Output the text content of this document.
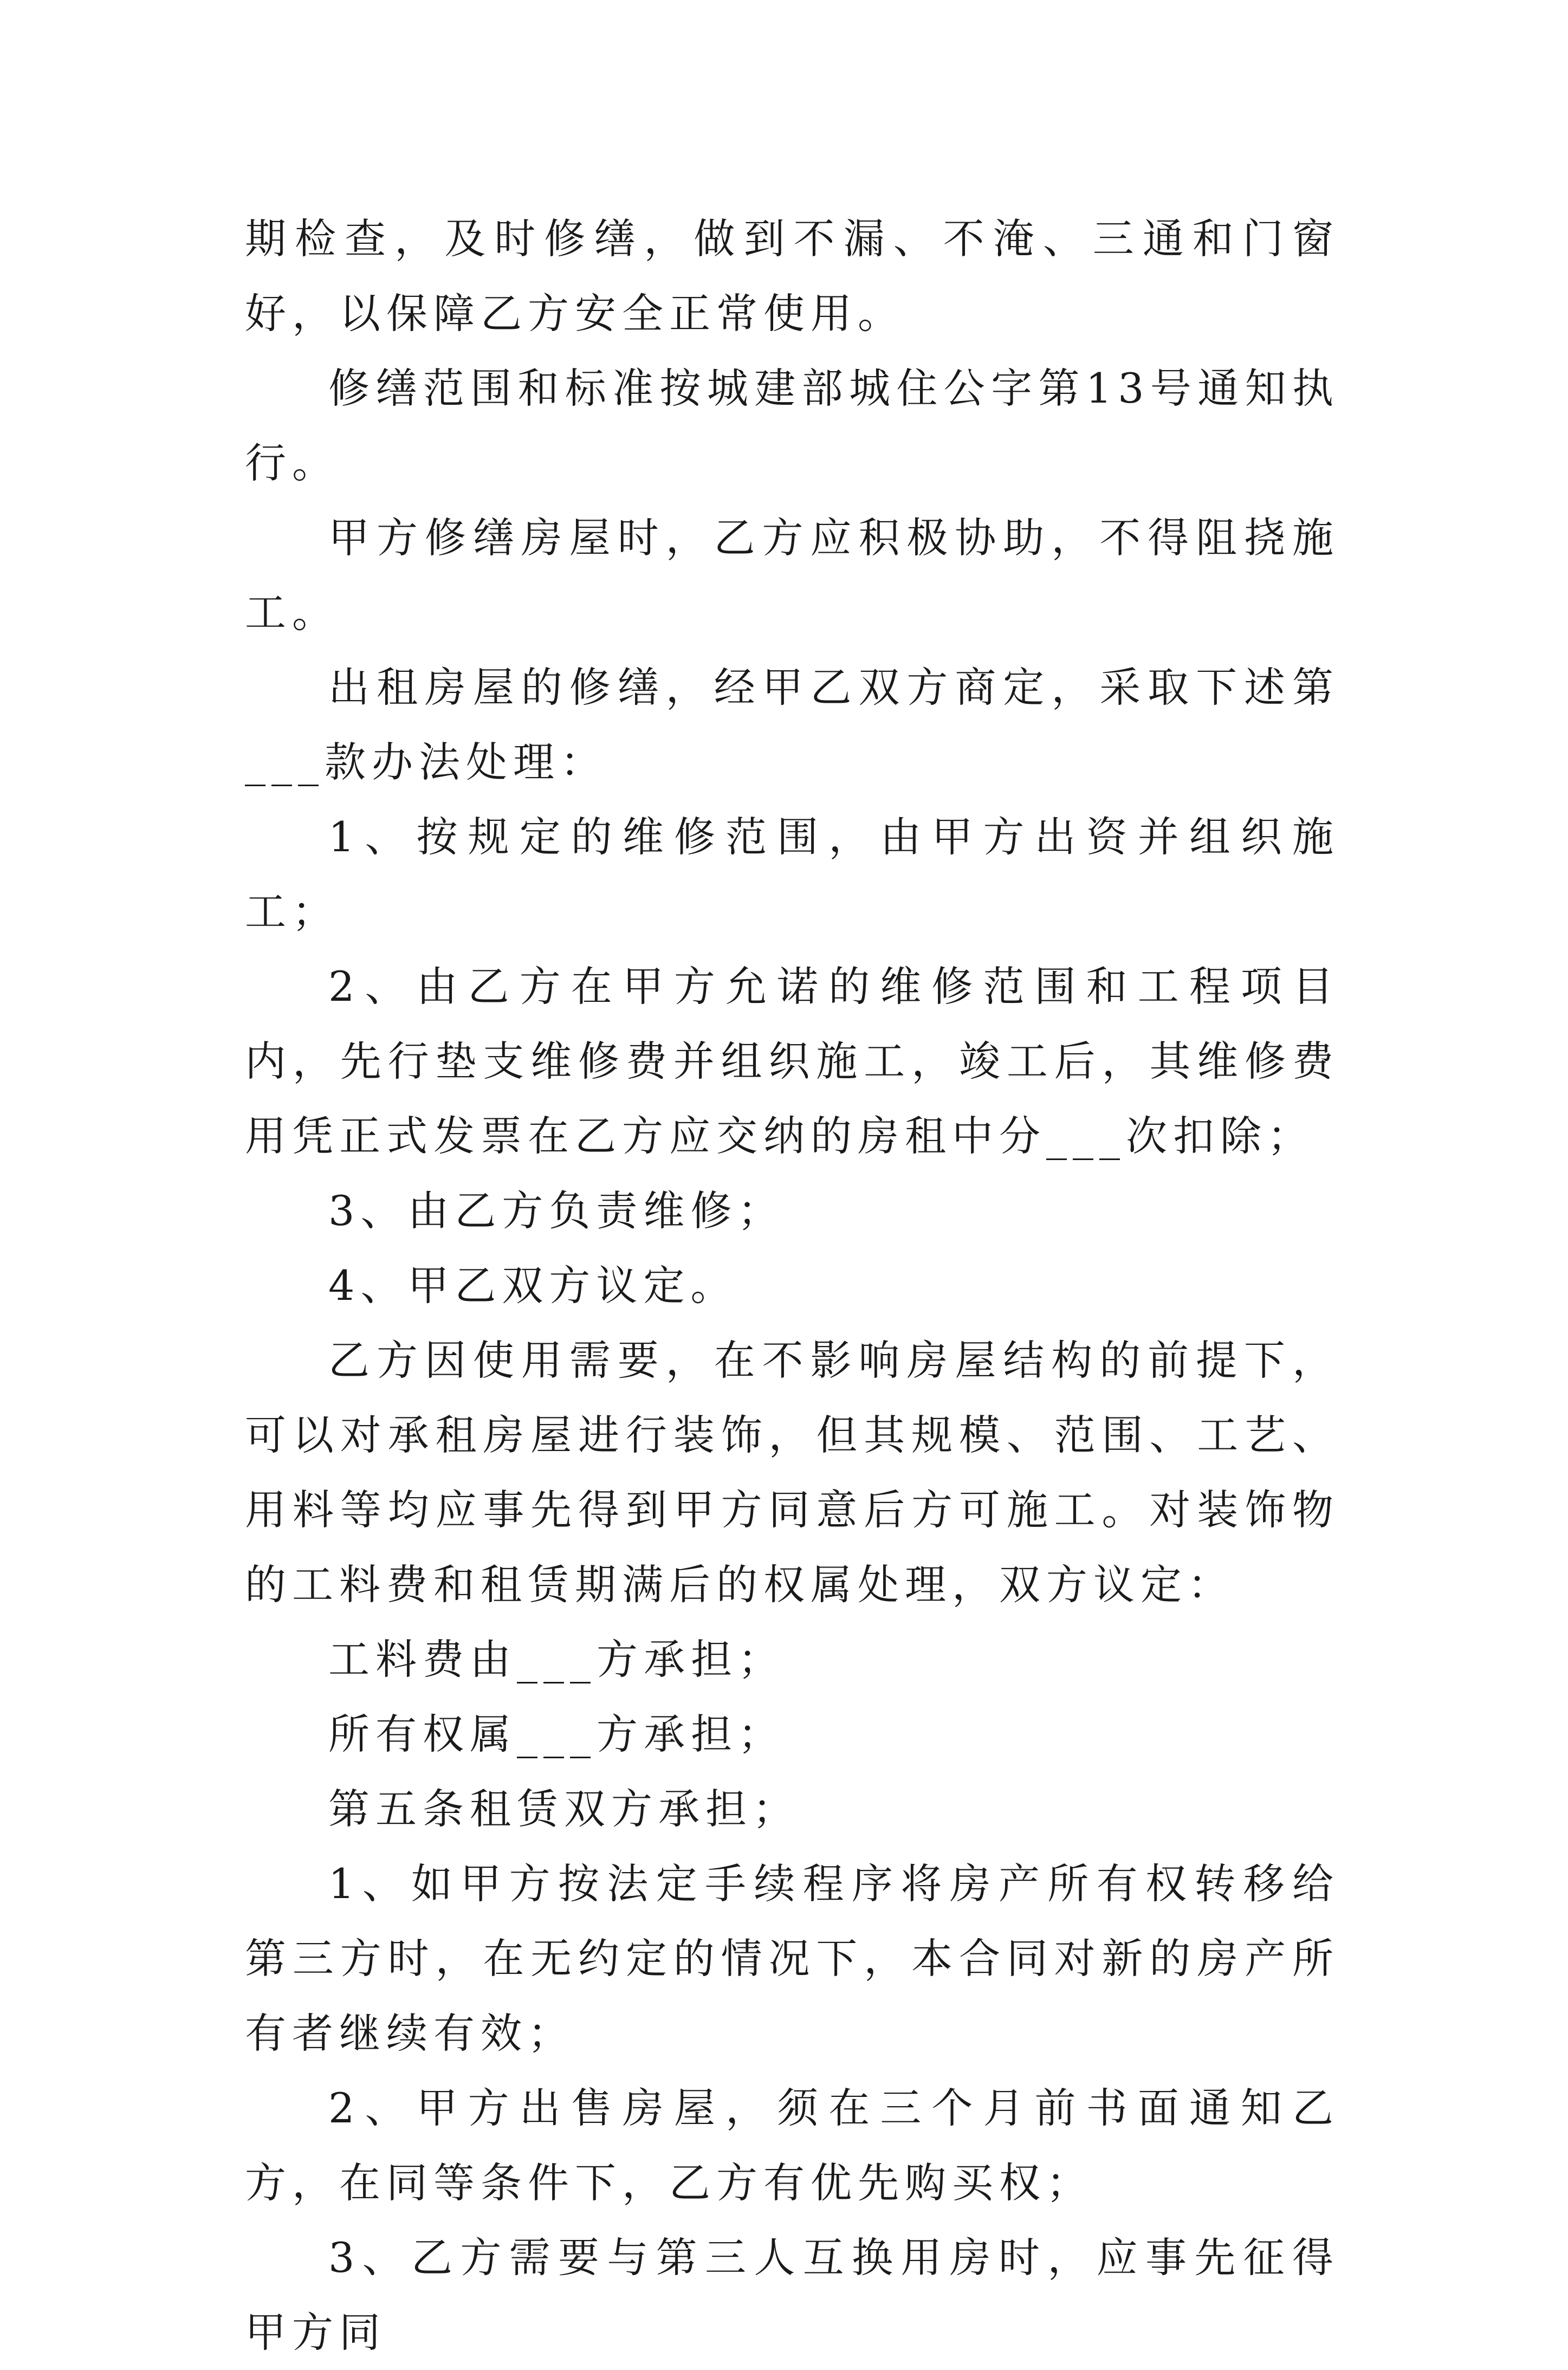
期检查，及时修缮，做到不漏、不淹、三通和门窗好，以保障乙方安全正常使用。

修缮范围和标准按城建部城住公字第13号通知执行。

甲方修缮房屋时，乙方应积极协助，不得阻挠施工。

出租房屋的修缮，经甲乙双方商定，采取下述第___款办法处理：

1、按规定的维修范围，由甲方出资并组织施工；

2、由乙方在甲方允诺的维修范围和工程项目内，先行垫支维修费并组织施工，竣工后，其维修费用凭正式发票在乙方应交纳的房租中分___次扣除；

3、由乙方负责维修；

4、甲乙双方议定。

乙方因使用需要，在不影响房屋结构的前提下，可以对承租房屋进行装饰，但其规模、范围、工艺、用料等均应事先得到甲方同意后方可施工。对装饰物的工料费和租赁期满后的权属处理，双方议定：

工料费由___方承担；

所有权属___方承担；

第五条租赁双方承担；

1、如甲方按法定手续程序将房产所有权转移给第三方时，在无约定的情况下，本合同对新的房产所有者继续有效；

2、甲方出售房屋，须在三个月前书面通知乙方，在同等条件下，乙方有优先购买权；

3、乙方需要与第三人互换用房时，应事先征得甲方同
